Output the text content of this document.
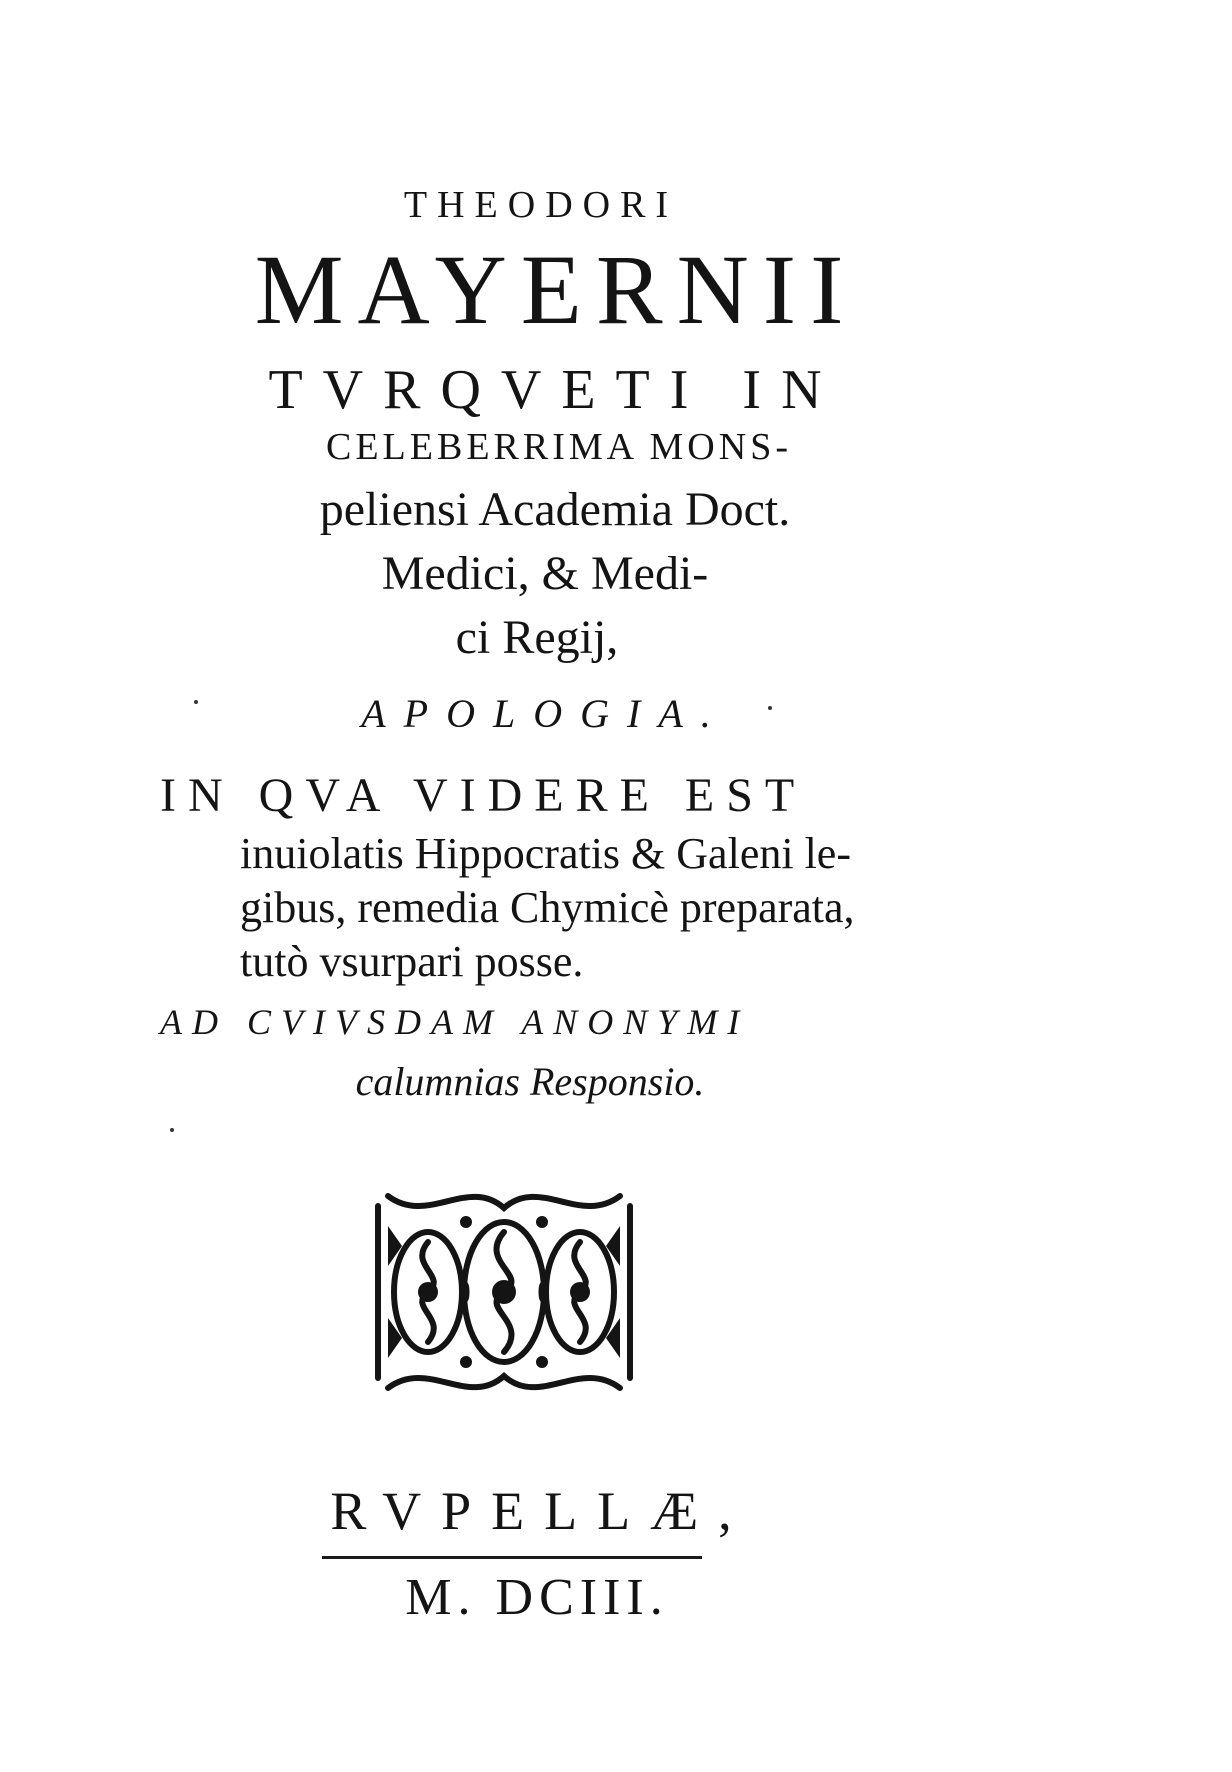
THEODORI
MAYERNII
TVRQVETI IN
CELEBERRIMA MONS-
peliensi Academia Doct.
Medici, & Medi-
ci Regij,
APOLOGIA.
IN QVA VIDERE EST
inuiolatis Hippocratis & Galeni le-
gibus, remedia Chymicè preparata,
tutò vsurpari posse.
AD CVIVSDAM ANONYMI
calumnias Responsio.
RVPELLÆ,
M. DCIII.
